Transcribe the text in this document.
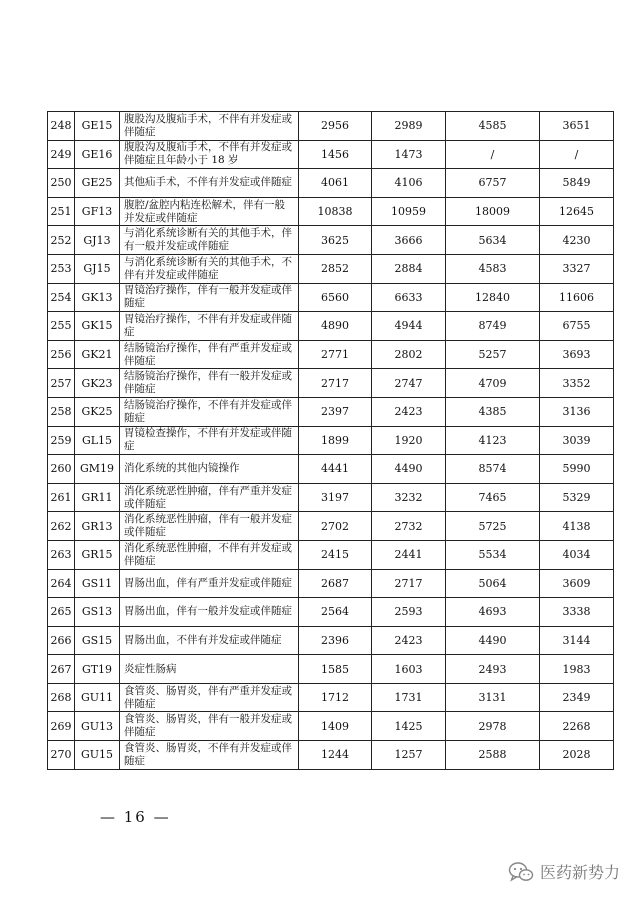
248	GE15	腹股沟及腹疝手术，不伴有并发症或伴随症	2956	2989	4585	3651
249	GE16	腹股沟及腹疝手术，不伴有并发症或伴随症且年龄小于 18 岁	1456	1473	/	/
250	GE25	其他疝手术，不伴有并发症或伴随症	4061	4106	6757	5849
251	GF13	腹腔/盆腔内粘连松解术，伴有一般并发症或伴随症	10838	10959	18009	12645
252	GJ13	与消化系统诊断有关的其他手术，伴有一般并发症或伴随症	3625	3666	5634	4230
253	GJ15	与消化系统诊断有关的其他手术，不伴有并发症或伴随症	2852	2884	4583	3327
254	GK13	胃镜治疗操作，伴有一般并发症或伴随症	6560	6633	12840	11606
255	GK15	胃镜治疗操作，不伴有并发症或伴随症	4890	4944	8749	6755
256	GK21	结肠镜治疗操作，伴有严重并发症或伴随症	2771	2802	5257	3693
257	GK23	结肠镜治疗操作，伴有一般并发症或伴随症	2717	2747	4709	3352
258	GK25	结肠镜治疗操作，不伴有并发症或伴随症	2397	2423	4385	3136
259	GL15	胃镜检查操作，不伴有并发症或伴随症	1899	1920	4123	3039
260	GM19	消化系统的其他内镜操作	4441	4490	8574	5990
261	GR11	消化系统恶性肿瘤，伴有严重并发症或伴随症	3197	3232	7465	5329
262	GR13	消化系统恶性肿瘤，伴有一般并发症或伴随症	2702	2732	5725	4138
263	GR15	消化系统恶性肿瘤，不伴有并发症或伴随症	2415	2441	5534	4034
264	GS11	胃肠出血，伴有严重并发症或伴随症	2687	2717	5064	3609
265	GS13	胃肠出血，伴有一般并发症或伴随症	2564	2593	4693	3338
266	GS15	胃肠出血，不伴有并发症或伴随症	2396	2423	4490	3144
267	GT19	炎症性肠病	1585	1603	2493	1983
268	GU11	食管炎、肠胃炎，伴有严重并发症或伴随症	1712	1731	3131	2349
269	GU13	食管炎、肠胃炎，伴有一般并发症或伴随症	1409	1425	2978	2268
270	GU15	食管炎、肠胃炎，不伴有并发症或伴随症	1244	1257	2588	2028
— 16 —
医药新势力
